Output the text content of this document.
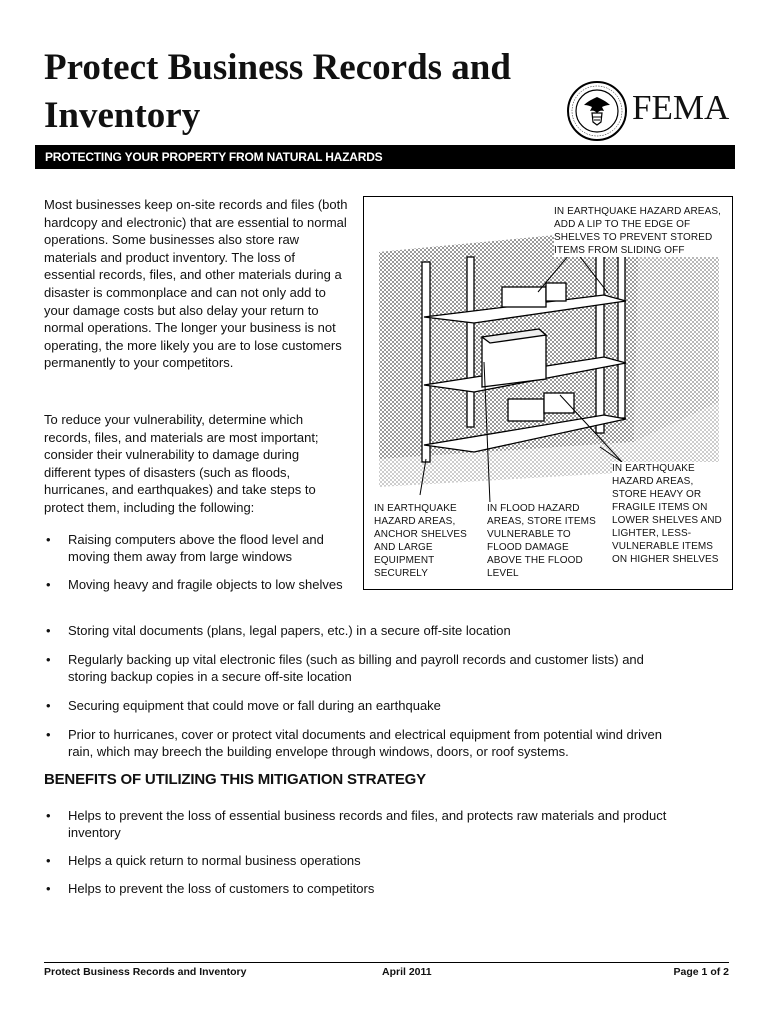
Protect Business Records and
Inventory	FEMA
PROTECTING YOUR PROPERTY FROM NATURAL HAZARDS

Most businesses keep on-site records and files (both hardcopy and electronic) that are essential to normal operations. Some businesses also store raw materials and product inventory. The loss of essential records, files, and other materials during a disaster is commonplace and can not only add to your damage costs but also delay your return to normal operations. The longer your business is not operating, the more likely you are to lose customers permanently to your competitors.

To reduce your vulnerability, determine which records, files, and materials are most important; consider their vulnerability to damage during different types of disasters (such as floods, hurricanes, and earthquakes) and take steps to protect them, including the following:

• Raising computers above the flood level and moving them away from large windows
• Moving heavy and fragile objects to low shelves
• Storing vital documents (plans, legal papers, etc.) in a secure off-site location
• Regularly backing up vital electronic files (such as billing and payroll records and customer lists) and storing backup copies in a secure off-site location
• Securing equipment that could move or fall during an earthquake
• Prior to hurricanes, cover or protect vital documents and electrical equipment from potential wind driven rain, which may breech the building envelope through windows, doors, or roof systems.
IN EARTHQUAKE HAZARD AREAS, ADD A LIP TO THE EDGE OF SHELVES TO PREVENT STORED ITEMS FROM SLIDING OFF
IN EARTHQUAKE HAZARD AREAS, STORE HEAVY OR FRAGILE ITEMS ON LOWER SHELVES AND LIGHTER, LESS-VULNERABLE ITEMS ON HIGHER SHELVES
IN EARTHQUAKE HAZARD AREAS, ANCHOR SHELVES AND LARGE EQUIPMENT SECURELY
IN FLOOD HAZARD AREAS, STORE ITEMS VULNERABLE TO FLOOD DAMAGE ABOVE THE FLOOD LEVEL
BENEFITS OF UTILIZING THIS MITIGATION STRATEGY
• Helps to prevent the loss of essential business records and files, and protects raw materials and product inventory
• Helps a quick return to normal business operations
• Helps to prevent the loss of customers to competitors
Protect Business Records and Inventory	April 2011	Page 1 of 2
